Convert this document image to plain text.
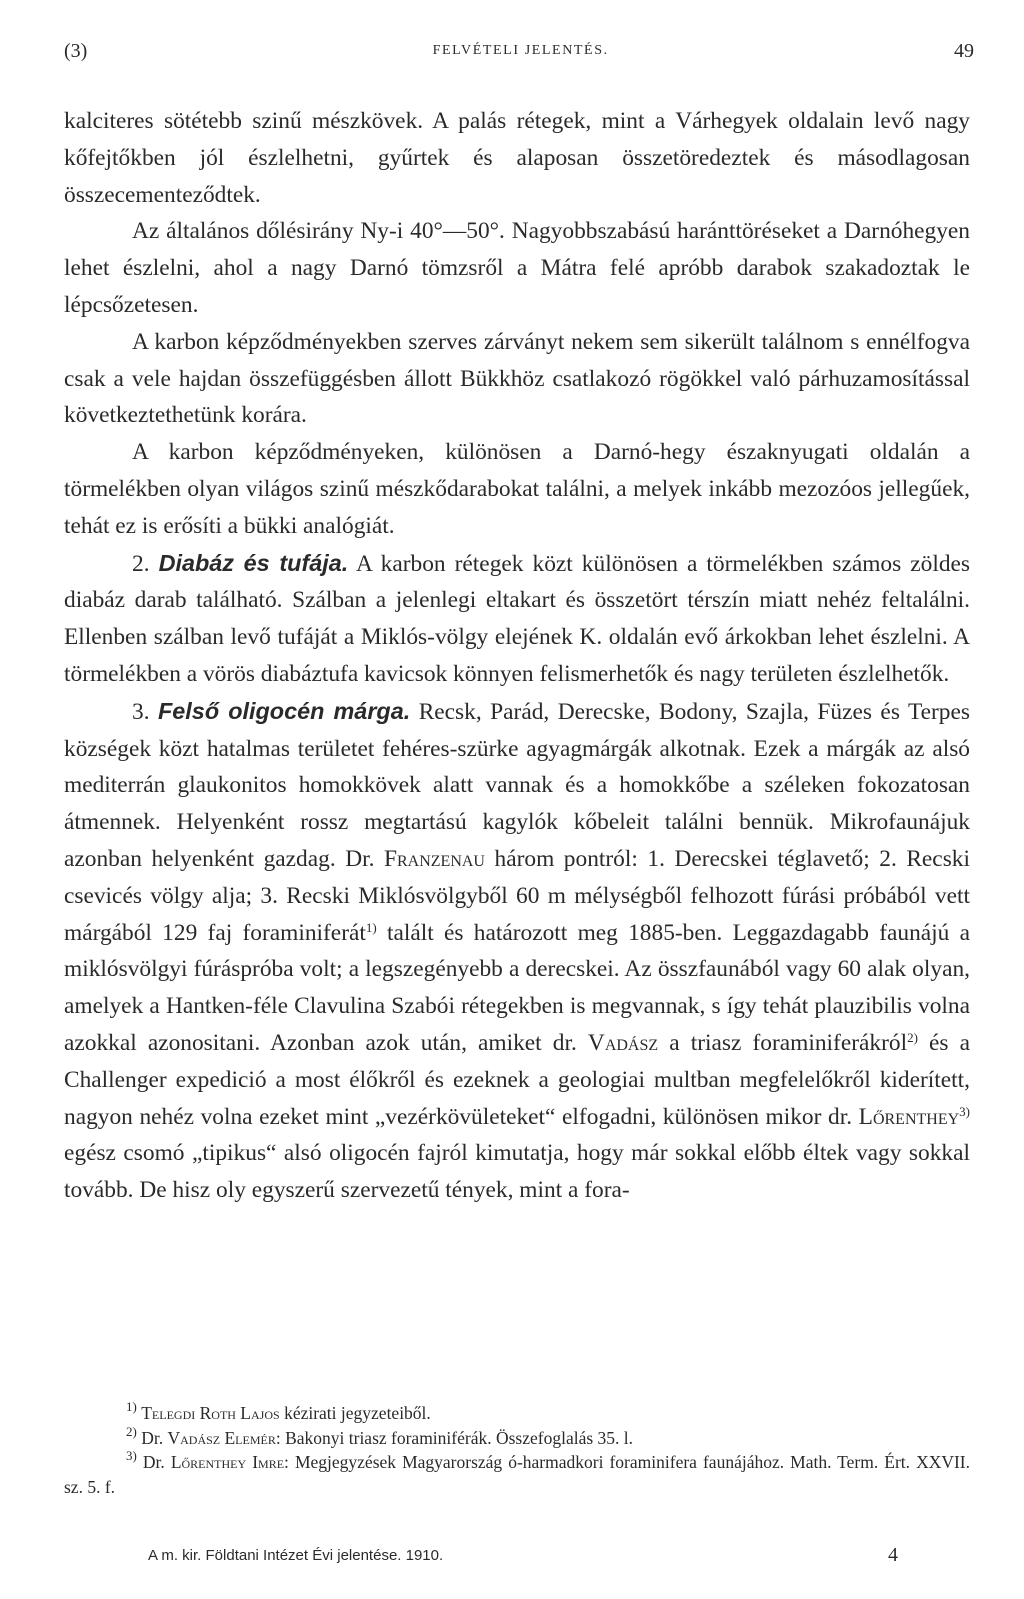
(3)	FELVÉTELI JELENTÉS.	49

kalciteres sötétebb szinű mészkövek. A palás rétegek, mint a Várhegyek oldalain levő nagy kőfejtőkben jól észlelhetni, gyűrtek és alaposan összetöredeztek és másodlagosan összecementeződtek.

Az általános dőlésirány Ny-i 40°—50°. Nagyobbszabású haránttöréseket a Darnóhegyen lehet észlelni, ahol a nagy Darnó tömzsről a Mátra felé apróbb darabok szakadoztak le lépcsőzetesen.

A karbon képződményekben szerves zárványt nekem sem sikerült találnom s ennélfogva csak a vele hajdan összefüggésben állott Bükkhöz csatlakozó rögökkel való párhuzamosítással következtethetünk korára.

A karbon képződményeken, különösen a Darnó-hegy északnyugati oldalán a törmelékben olyan világos szinű mészkődarabokat találni, a melyek inkább mezozóos jellegűek, tehát ez is erősíti a bükki analógiát.

2. Diabáz és tufája. A karbon rétegek közt különösen a törmelékben számos zöldes diabáz darab található. Szálban a jelenlegi eltakart és összetört térszín miatt nehéz feltalálni. Ellenben szálban levő tufáját a Miklós-völgy elejének K. oldalán evő árkokban lehet észlelni. A törmelékben a vörös diabáztufa kavicsok könnyen felismerhetők és nagy területen észlelhetők.

3. Felső oligocén márga. Recsk, Parád, Derecske, Bodony, Szajla, Füzes és Terpes községek közt hatalmas területet fehéres-szürke agyagmárgák alkotnak. Ezek a márgák az alsó mediterrán glaukonitos homokkövek alatt vannak és a homokkőbe a széleken fokozatosan átmennek. Helyenként rossz megtartású kagylók kőbeleit találni bennük. Mikrofaunájuk azonban helyenként gazdag. Dr. Franzenau három pontról: 1. Derecskei téglavető; 2. Recski csevicés völgy alja; 3. Recski Miklósvölgyből 60 m mélységből felhozott fúrási próbából vett márgából 129 faj foraminiferát$^{1)}$ talált és határozott meg 1885-ben. Leggazdagabb faunájú a miklósvölgyi fúráspróba volt; a legszegényebb a derecskei. Az összfaunából vagy 60 alak olyan, amelyek a Hantken-féle Clavulina Szabói rétegekben is megvannak, s így tehát plauzibilis volna azokkal azonositani. Azonban azok után, amiket dr. Vadász a triasz foraminiferákról$^{2)}$ és a Challenger expedició a most élőkről és ezeknek a geologiai multban megfelelőkről kiderített, nagyon nehéz volna ezeket mint „vezérkövületeket“ elfogadni, különösen mikor dr. Lőrenthey$^{3)}$ egész csomó „tipikus“ alsó oligocén fajról kimutatja, hogy már sokkal előbb éltek vagy sokkal tovább. De hisz oly egyszerű szervezetű tények, mint a fora-

$^{1)}$ Telegdi Roth Lajos kézirati jegyzeteiből.
$^{2)}$ Dr. Vadász Elemér: Bakonyi triasz foraminiférák. Összefoglalás 35. l.
$^{3)}$ Dr. Lőrenthey Imre: Megjegyzések Magyarország ó-harmadkori foraminifera faunájához. Math. Term. Ért. XXVII. sz. 5. f.
A m. kir. Földtani Intézet Évi jelentése. 1910.	4
